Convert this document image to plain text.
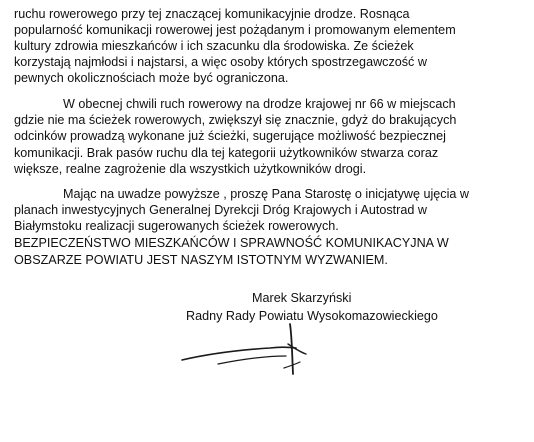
ruchu rowerowego przy tej znaczącej komunikacyjnie drodze. Rosnąca
popularność komunikacji rowerowej jest pożądanym i promowanym elementem
kultury zdrowia mieszkańców i ich szacunku dla środowiska. Ze ścieżek
korzystają najmłodsi i najstarsi, a więc osoby których spostrzegawczość w
pewnych okolicznościach może być ograniczona.
W obecnej chwili ruch rowerowy na drodze krajowej nr 66 w miejscach
gdzie nie ma ścieżek rowerowych, zwiększył się znacznie, gdyż do brakujących
odcinków prowadzą wykonane już ścieżki, sugerujące możliwość bezpiecznej
komunikacji. Brak pasów ruchu dla tej kategorii użytkowników stwarza coraz
większe, realne zagrożenie dla wszystkich użytkowników drogi.
Mając na uwadze powyższe , proszę Pana Starostę o inicjatywę ujęcia w
planach inwestycyjnych Generalnej Dyrekcji Dróg Krajowych i Autostrad w
Białymstoku realizacji sugerowanych ścieżek rowerowych.
BEZPIECZEŃSTWO MIESZKAŃCÓW I SPRAWNOŚĆ KOMUNIKACYJNA W
OBSZARZE POWIATU JEST NASZYM ISTOTNYM WYZWANIEM.
Marek Skarzyński
Radny Rady Powiatu Wysokomazowieckiego
